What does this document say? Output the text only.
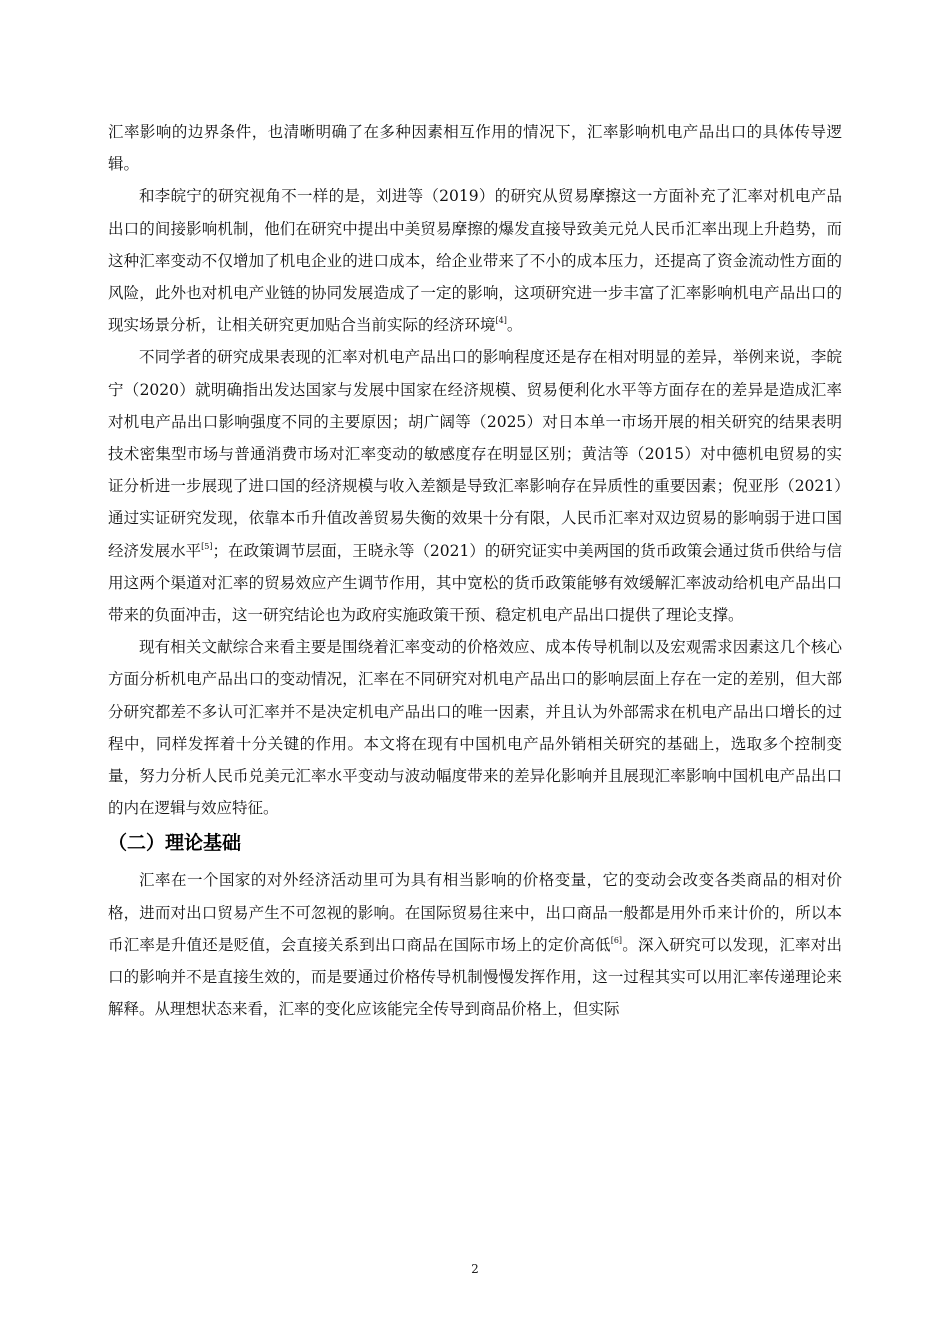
汇率影响的边界条件，也清晰明确了在多种因素相互作用的情况下，汇率影响机电产品出口的具体传导逻辑。

和李皖宁的研究视角不一样的是，刘进等（2019）的研究从贸易摩擦这一方面补充了汇率对机电产品出口的间接影响机制，他们在研究中提出中美贸易摩擦的爆发直接导致美元兑人民币汇率出现上升趋势，而这种汇率变动不仅增加了机电企业的进口成本，给企业带来了不小的成本压力，还提高了资金流动性方面的风险，此外也对机电产业链的协同发展造成了一定的影响，这项研究进一步丰富了汇率影响机电产品出口的现实场景分析，让相关研究更加贴合当前实际的经济环境[4]。

不同学者的研究成果表现的汇率对机电产品出口的影响程度还是存在相对明显的差异，举例来说，李皖宁（2020）就明确指出发达国家与发展中国家在经济规模、贸易便利化水平等方面存在的差异是造成汇率对机电产品出口影响强度不同的主要原因；胡广阔等（2025）对日本单一市场开展的相关研究的结果表明技术密集型市场与普通消费市场对汇率变动的敏感度存在明显区别；黄洁等（2015）对中德机电贸易的实证分析进一步展现了进口国的经济规模与收入差额是导致汇率影响存在异质性的重要因素；倪亚彤（2021）通过实证研究发现，依靠本币升值改善贸易失衡的效果十分有限，人民币汇率对双边贸易的影响弱于进口国经济发展水平[5]；在政策调节层面，王晓永等（2021）的研究证实中美两国的货币政策会通过货币供给与信用这两个渠道对汇率的贸易效应产生调节作用，其中宽松的货币政策能够有效缓解汇率波动给机电产品出口带来的负面冲击，这一研究结论也为政府实施政策干预、稳定机电产品出口提供了理论支撑。

现有相关文献综合来看主要是围绕着汇率变动的价格效应、成本传导机制以及宏观需求因素这几个核心方面分析机电产品出口的变动情况，汇率在不同研究对机电产品出口的影响层面上存在一定的差别，但大部分研究都差不多认可汇率并不是决定机电产品出口的唯一因素，并且认为外部需求在机电产品出口增长的过程中，同样发挥着十分关键的作用。本文将在现有中国机电产品外销相关研究的基础上，选取多个控制变量，努力分析人民币兑美元汇率水平变动与波动幅度带来的差异化影响并且展现汇率影响中国机电产品出口的内在逻辑与效应特征。

（二）理论基础

汇率在一个国家的对外经济活动里可为具有相当影响的价格变量，它的变动会改变各类商品的相对价格，进而对出口贸易产生不可忽视的影响。在国际贸易往来中，出口商品一般都是用外币来计价的，所以本币汇率是升值还是贬值，会直接关系到出口商品在国际市场上的定价高低[6]。深入研究可以发现，汇率对出口的影响并不是直接生效的，而是要通过价格传导机制慢慢发挥作用，这一过程其实可以用汇率传递理论来解释。从理想状态来看，汇率的变化应该能完全传导到商品价格上，但实际

2
